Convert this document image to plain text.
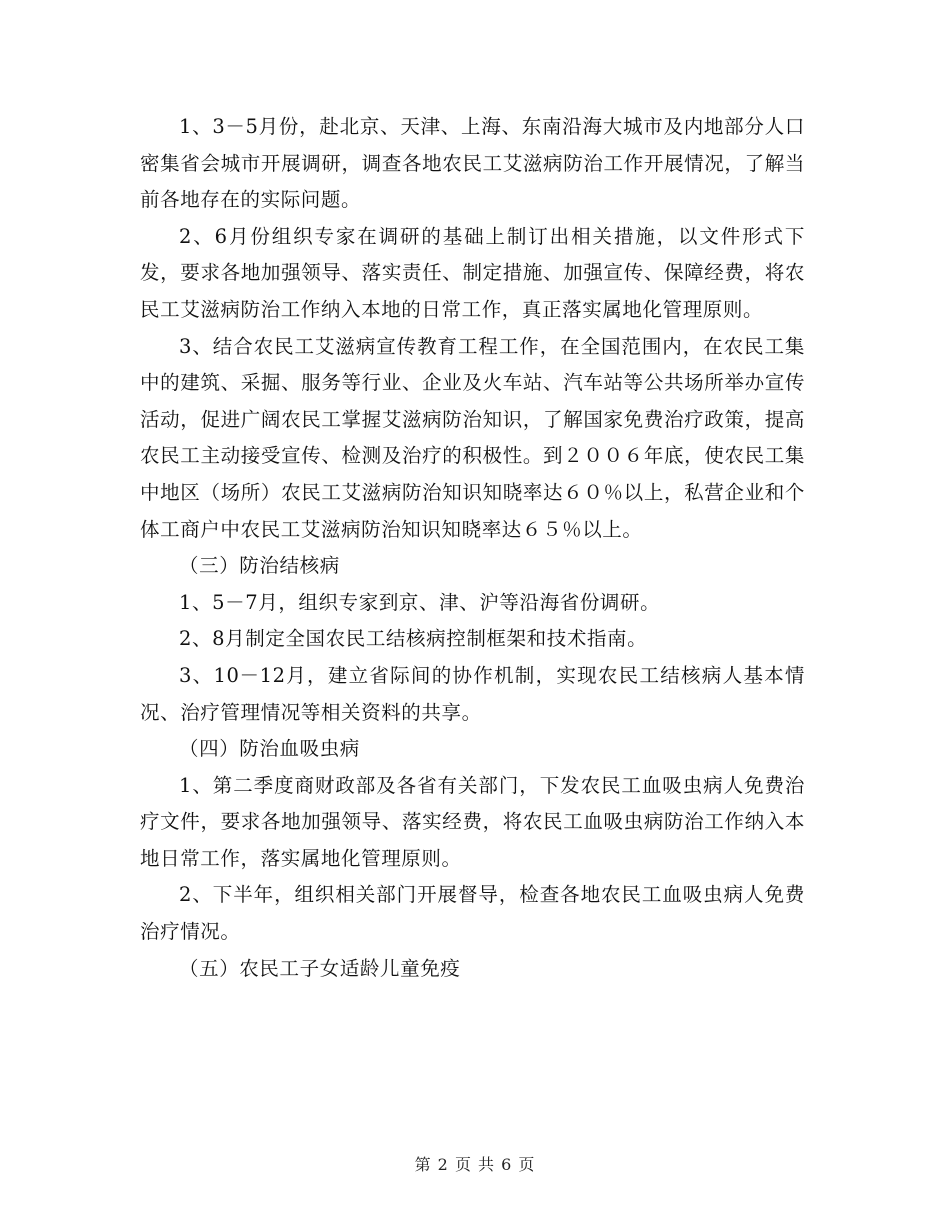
1、3－5月份，赴北京、天津、上海、东南沿海大城市及内地部分人口密集省会城市开展调研，调查各地农民工艾滋病防治工作开展情况，了解当前各地存在的实际问题。

2、6月份组织专家在调研的基础上制订出相关措施，以文件形式下发，要求各地加强领导、落实责任、制定措施、加强宣传、保障经费，将农民工艾滋病防治工作纳入本地的日常工作，真正落实属地化管理原则。

3、结合农民工艾滋病宣传教育工程工作，在全国范围内，在农民工集中的建筑、采掘、服务等行业、企业及火车站、汽车站等公共场所举办宣传活动，促进广阔农民工掌握艾滋病防治知识，了解国家免费治疗政策，提高农民工主动接受宣传、检测及治疗的积极性。到２００６年底，使农民工集中地区（场所）农民工艾滋病防治知识知晓率达６０％以上，私营企业和个体工商户中农民工艾滋病防治知识知晓率达６５％以上。

（三）防治结核病

1、5－7月，组织专家到京、津、沪等沿海省份调研。

2、8月制定全国农民工结核病控制框架和技术指南。

3、10－12月，建立省际间的协作机制，实现农民工结核病人基本情况、治疗管理情况等相关资料的共享。

（四）防治血吸虫病

1、第二季度商财政部及各省有关部门，下发农民工血吸虫病人免费治疗文件，要求各地加强领导、落实经费，将农民工血吸虫病防治工作纳入本地日常工作，落实属地化管理原则。

2、下半年，组织相关部门开展督导，检查各地农民工血吸虫病人免费治疗情况。

（五）农民工子女适龄儿童免疫

第 2 页 共 6 页
